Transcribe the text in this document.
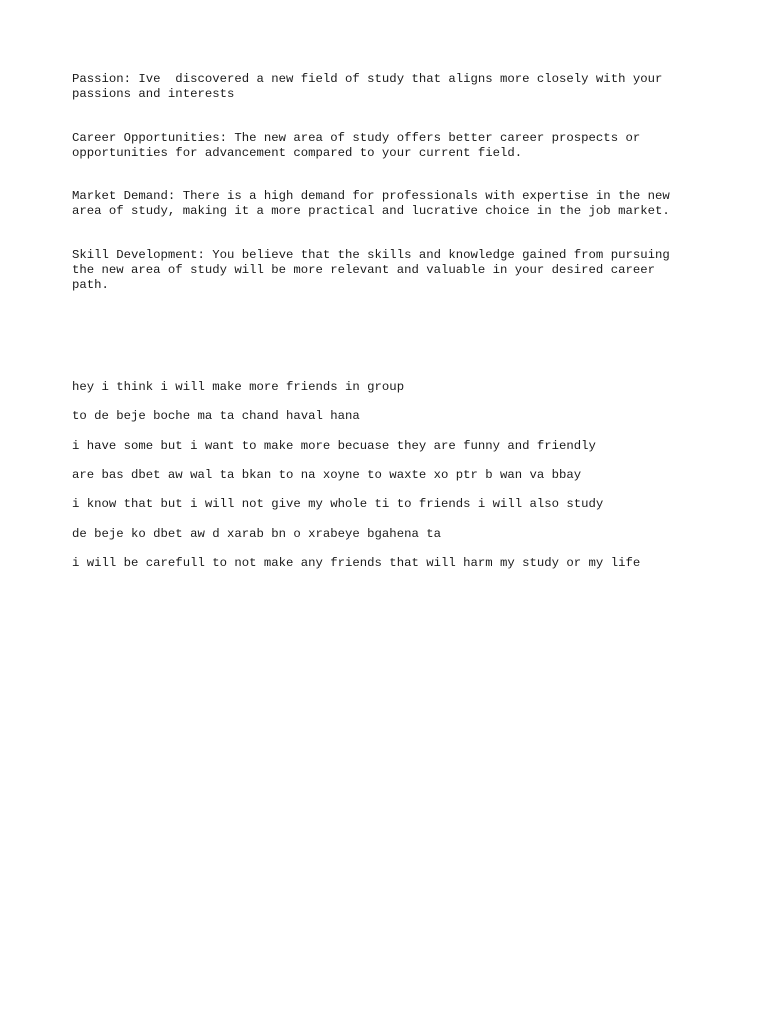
Passion: Ive  discovered a new field of study that aligns more closely with your
passions and interests

Career Opportunities: The new area of study offers better career prospects or
opportunities for advancement compared to your current field.

Market Demand: There is a high demand for professionals with expertise in the new
area of study, making it a more practical and lucrative choice in the job market.

Skill Development: You believe that the skills and knowledge gained from pursuing
the new area of study will be more relevant and valuable in your desired career
path.

hey i think i will make more friends in group

to de beje boche ma ta chand haval hana

i have some but i want to make more becuase they are funny and friendly

are bas dbet aw wal ta bkan to na xoyne to waxte xo ptr b wan va bbay

i know that but i will not give my whole ti to friends i will also study

de beje ko dbet aw d xarab bn o xrabeye bgahena ta

i will be carefull to not make any friends that will harm my study or my life
